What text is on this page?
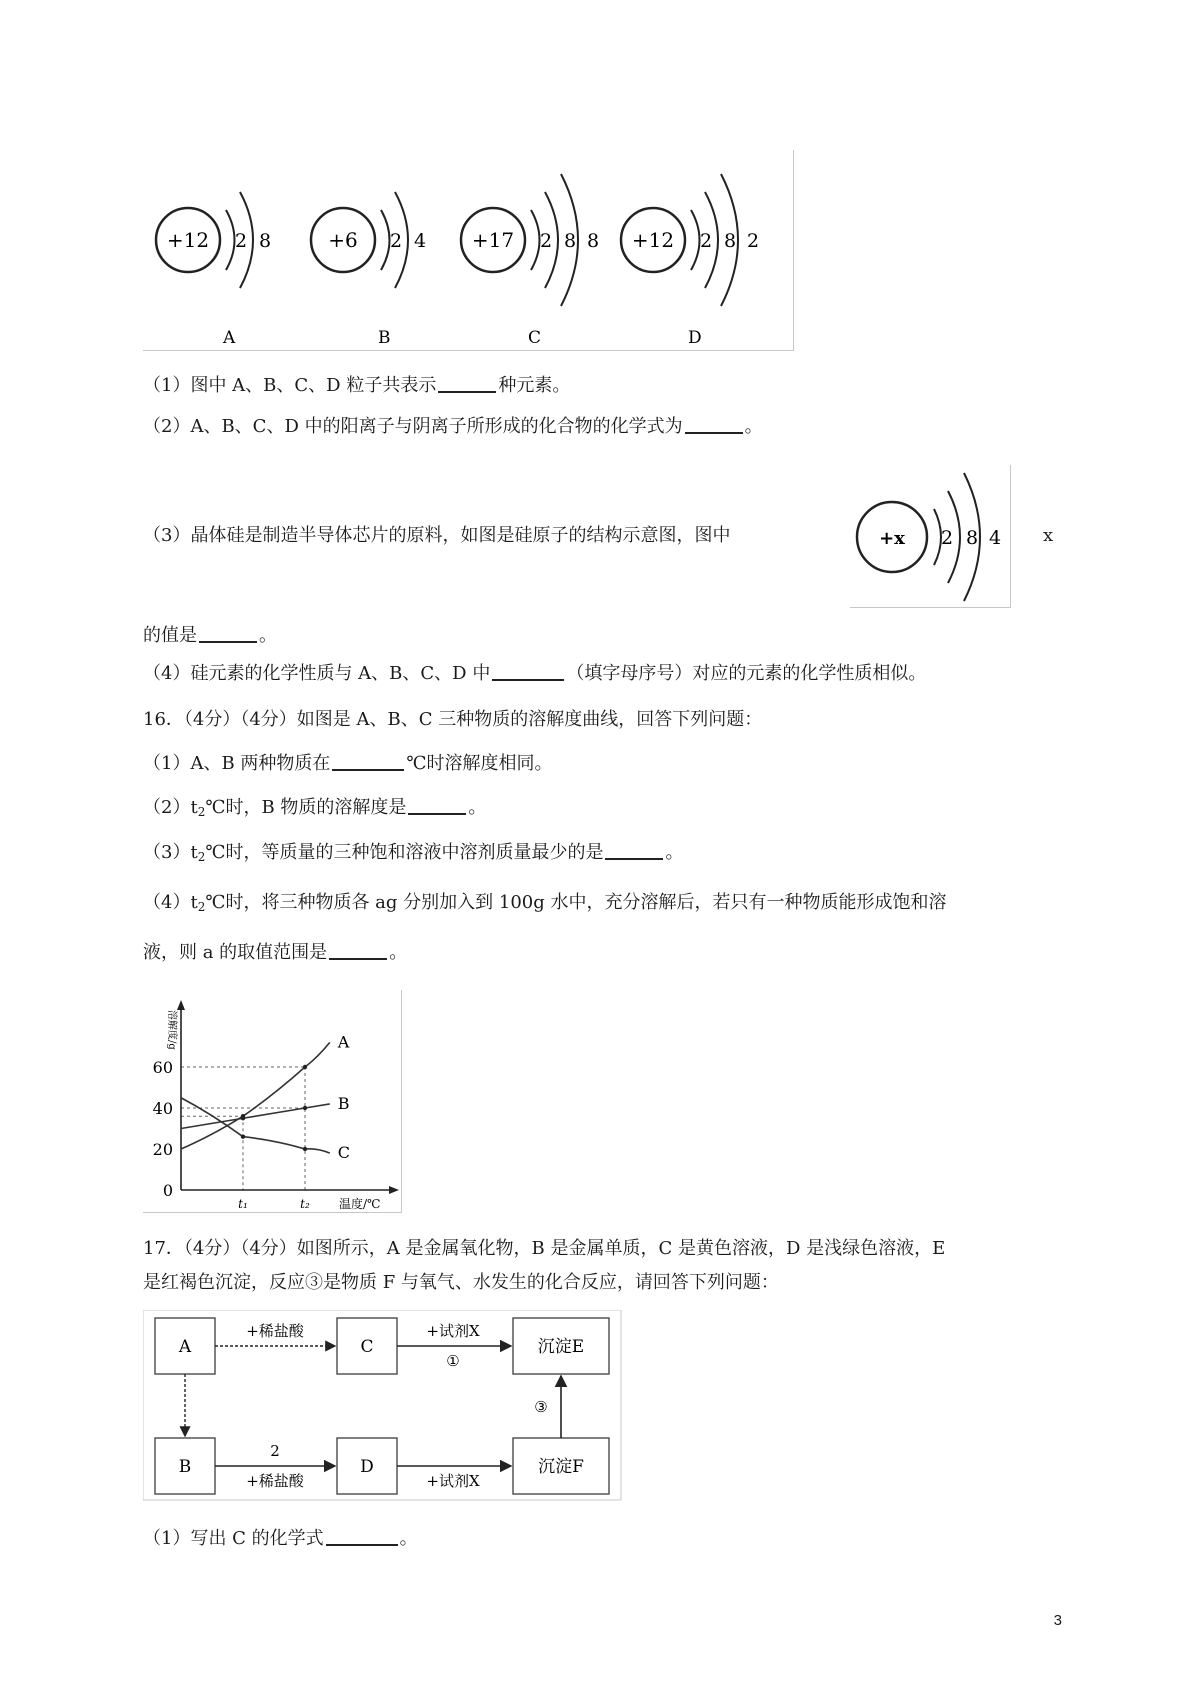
+12 2 8
A
+6 2 4
B
+17 2 8 8
C
+12 2 8 2
D
（1）图中 A、B、C、D 粒子共表示	种元素。
（2）A、B、C、D 中的阳离子与阴离子所形成的化合物的化学式为	。
（3）晶体硅是制造半导体芯片的原料，如图是硅原子的结构示意图，图中	+x 2 8 4 x
的值是	。
（4）硅元素的化学性质与 A、B、C、D 中	（填字母序号）对应的元素的化学性质相似。
16．（4分）（4分）如图是 A、B、C 三种物质的溶解度曲线，回答下列问题：
（1）A、B 两种物质在	℃时溶解度相同。
$(2)t_2℃$时，B 物质的溶解度是	。
$(3)t_2℃$时，等质量的三种饱和溶液中溶剂质量最少的是	。
$(4)t_2℃$时，将三种物质各 ag 分别加入到 100g 水中，充分溶解后，若只有一种物质能形成饱和溶
液，则 a 的取值范围是	。
溶解度/g
温度/℃
60
40
20
0
t₁	t₂
A
B
C
17．（4分）（4分）如图所示，A 是金属氧化物，B 是金属单质，C 是黄色溶液，D 是浅绿色溶液，E
是红褐色沉淀，反应③是物质 F 与氧气、水发生的化合反应，请回答下列问题：
A	C	沉淀E
B	D	沉淀F
+稀盐酸	+试剂X
①
2
+稀盐酸	+试剂X
③
（1）写出 C 的化学式	。
3
